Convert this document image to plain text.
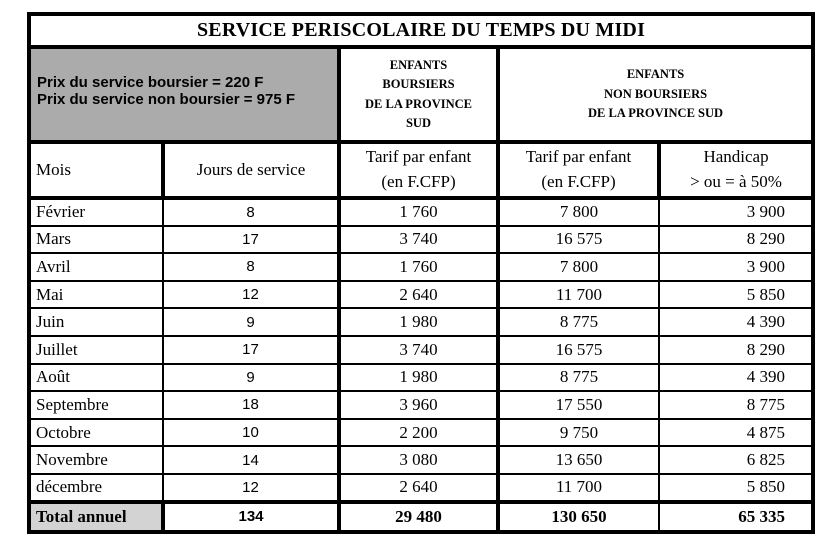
SERVICE PERISCOLAIRE DU TEMPS DU MIDI				

Prix du service boursier = 220 F
Prix du service non boursier = 975 F		ENFANTS
BOURSIERS
DE LA PROVINCE
SUD	ENFANTS
NON BOURSIERS
DE LA PROVINCE SUD	

Mois	Jours de service	Tarif par enfant
(en F.CFP)	Tarif par enfant
(en F.CFP)	Handicap
> ou = à 50%

Février	8	1 760	7 800	3 900
Mars	17	3 740	16 575	8 290
Avril	8	1 760	7 800	3 900
Mai	12	2 640	11 700	5 850
Juin	9	1 980	8 775	4 390
Juillet	17	3 740	16 575	8 290
Août	9	1 980	8 775	4 390
Septembre	18	3 960	17 550	8 775
Octobre	10	2 200	9 750	4 875
Novembre	14	3 080	13 650	6 825
décembre	12	2 640	11 700	5 850
Total annuel	134	29 480	130 650	65 335
